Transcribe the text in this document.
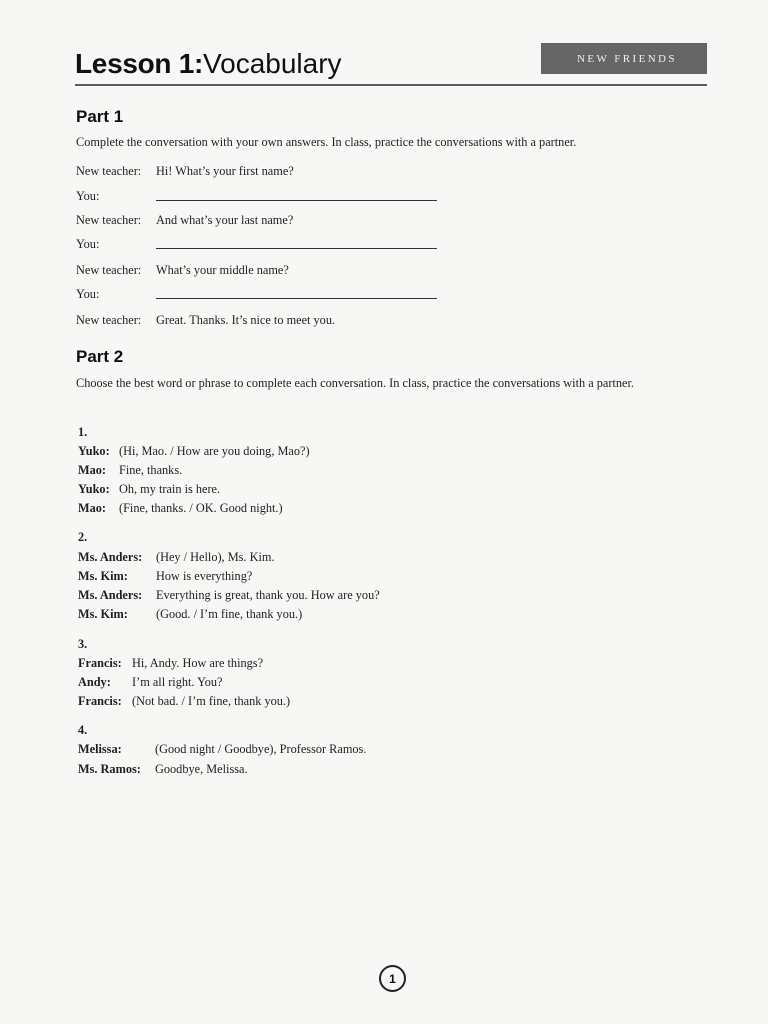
Lesson 1:Vocabulary	NEW FRIENDS
Part 1
Complete the conversation with your own answers. In class, practice the conversations with a partner.
New teacher: Hi! What’s your first name?
You:
New teacher: And what’s your last name?
You:
New teacher: What’s your middle name?
You:
New teacher: Great. Thanks. It’s nice to meet you.
Part 2
Choose the best word or phrase to complete each conversation. In class, practice the conversations with a partner.
1.
Yuko: (Hi, Mao. / How are you doing, Mao?)
Mao: Fine, thanks.
Yuko: Oh, my train is here.
Mao: (Fine, thanks. / OK. Good night.)
2.
Ms. Anders: (Hey / Hello), Ms. Kim.
Ms. Kim: How is everything?
Ms. Anders: Everything is great, thank you. How are you?
Ms. Kim: (Good. / I’m fine, thank you.)
3.
Francis: Hi, Andy. How are things?
Andy: I’m all right. You?
Francis: (Not bad. / I’m fine, thank you.)
4.
Melissa:	(Good night / Goodbye), Professor Ramos.
Ms. Ramos: Goodbye, Melissa.
1
